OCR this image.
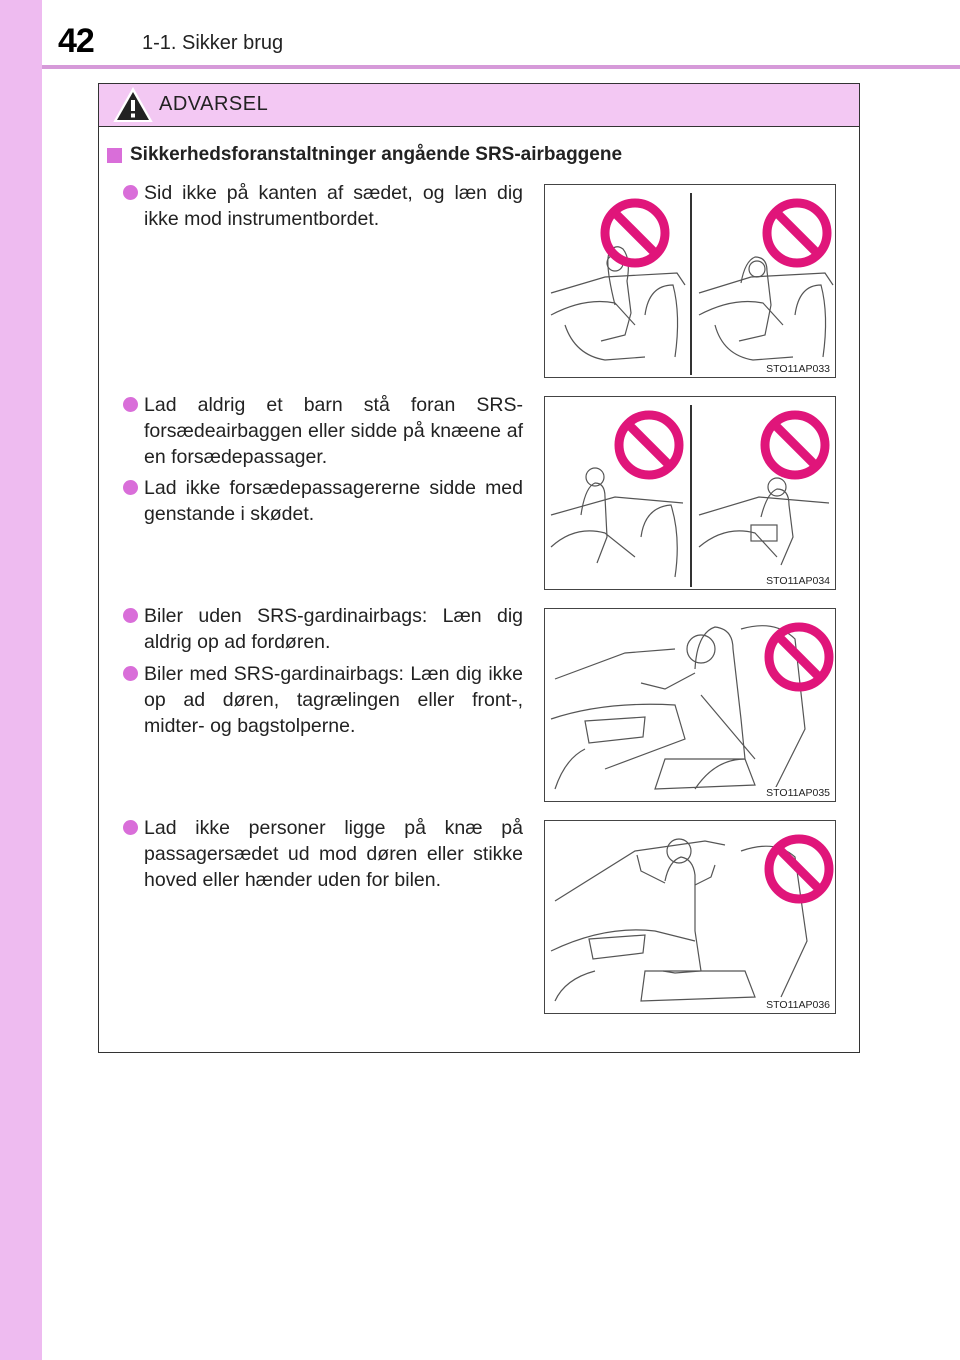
42 1-1. Sikker brug
ADVARSEL
Sikkerhedsforanstaltninger angående SRS-airbaggene
Sid ikke på kanten af sædet, og læn dig ikke mod instrumentbordet.
Lad aldrig et barn stå foran SRS-forsædeairbaggen eller sidde på knæene af en forsædepassager.
Lad ikke forsædepassagererne sidde med genstande i skødet.
Biler uden SRS-gardinairbags: Læn dig aldrig op ad fordøren.
Biler med SRS-gardinairbags: Læn dig ikke op ad døren, tagrælingen eller front-, midter- og bagstolperne.
Lad ikke personer ligge på knæ på passagersædet ud mod døren eller stikke hoved eller hænder uden for bilen.
STO11AP033
STO11AP034
STO11AP035
STO11AP036
